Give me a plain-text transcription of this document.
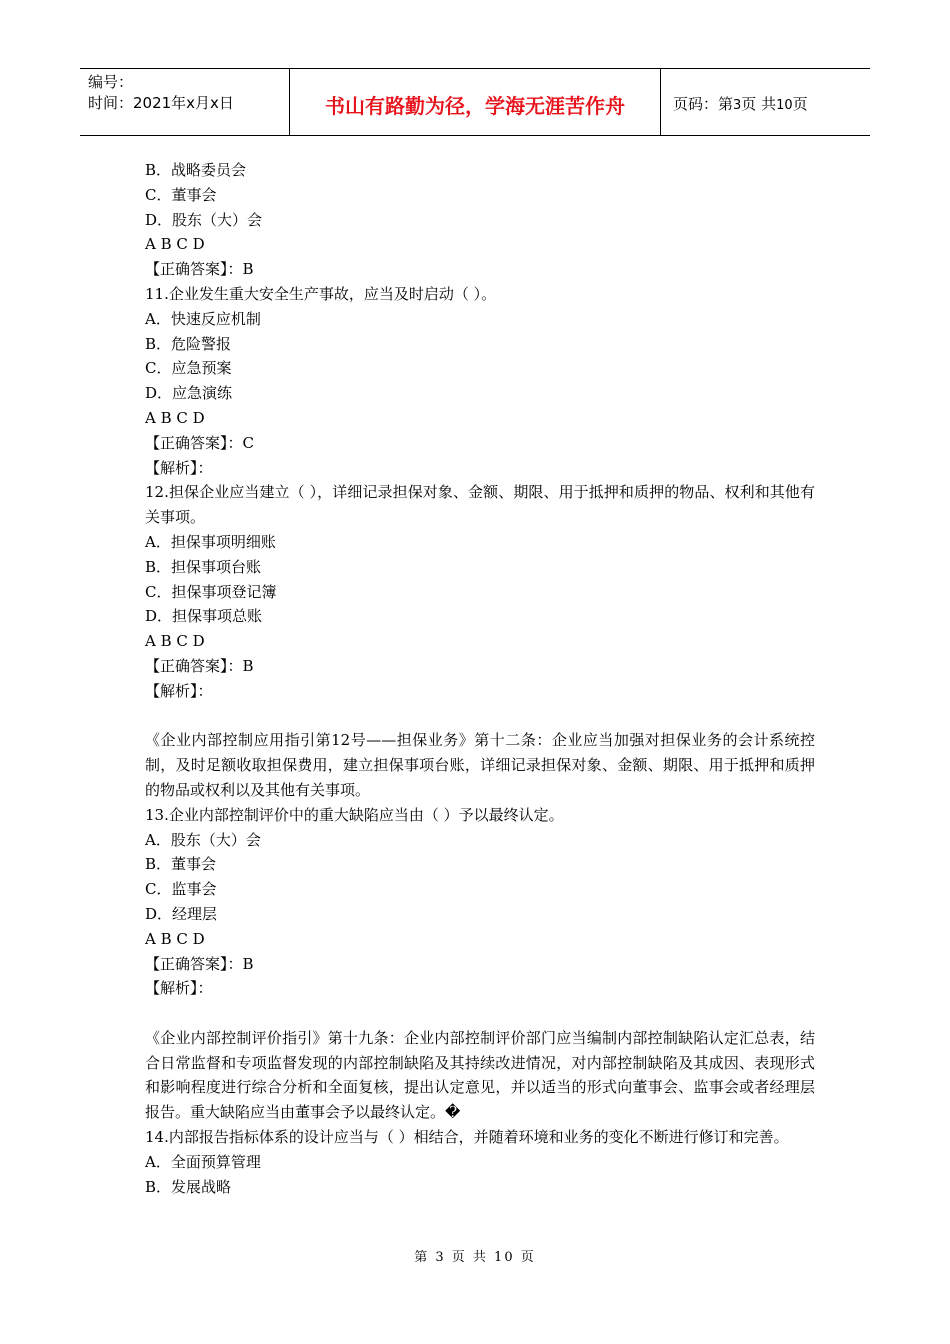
编号：
时间：2021年x月x日	书山有路勤为径，学海无涯苦作舟	页码：第3页 共10页
B．战略委员会
C．董事会
D．股东（大）会
A B C D
【正确答案】：B
11.企业发生重大安全生产事故，应当及时启动（ ）。
A．快速反应机制
B．危险警报
C．应急预案
D．应急演练
A B C D
【正确答案】：C
【解析】：
12.担保企业应当建立（ ），详细记录担保对象、金额、期限、用于抵押和质押的物品、权利和其他有关事项。
A．担保事项明细账
B．担保事项台账
C．担保事项登记簿
D．担保事项总账
A B C D
【正确答案】：B
【解析】：
《企业内部控制应用指引第12号——担保业务》第十二条：企业应当加强对担保业务的会计系统控制，及时足额收取担保费用，建立担保事项台账，详细记录担保对象、金额、期限、用于抵押和质押的物品或权利以及其他有关事项。
13.企业内部控制评价中的重大缺陷应当由（ ）予以最终认定。
A．股东（大）会
B．董事会
C．监事会
D．经理层
A B C D
【正确答案】：B
【解析】：
《企业内部控制评价指引》第十九条：企业内部控制评价部门应当编制内部控制缺陷认定汇总表，结合日常监督和专项监督发现的内部控制缺陷及其持续改进情况，对内部控制缺陷及其成因、表现形式和影响程度进行综合分析和全面复核，提出认定意见，并以适当的形式向董事会、监事会或者经理层报告。重大缺陷应当由董事会予以最终认定。�
14.内部报告指标体系的设计应当与（ ）相结合，并随着环境和业务的变化不断进行修订和完善。
A．全面预算管理
B．发展战略
第 3 页 共 10 页
